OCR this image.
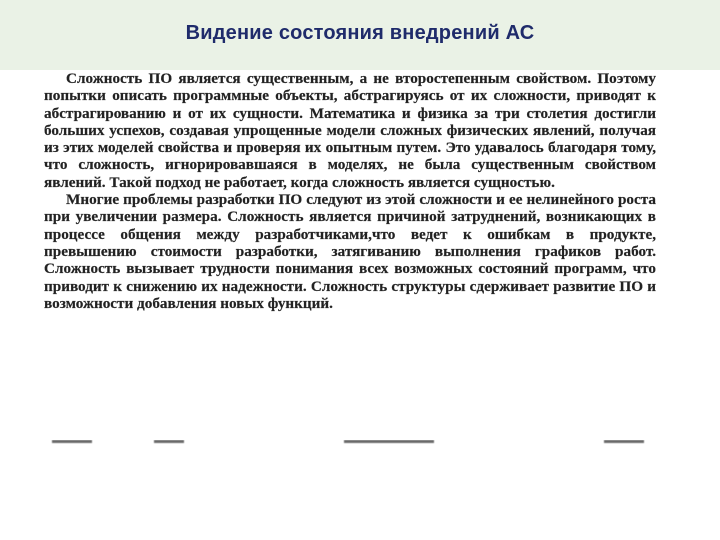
Видение состояния внедрений АС

Сложность ПО является существенным, а не второстепенным свойством. Поэтому попытки описать программные объекты, абстрагируясь от их сложности, приводят к абстрагированию и от их сущности. Математика и физика за три столетия достигли больших успехов, создавая упрощенные модели сложных физических явлений, получая из этих моделей свойства и проверяя их опытным путем. Это удавалось благодаря тому, что сложность, игнорировавшаяся в моделях, не была существенным свойством явлений. Такой подход не работает, когда сложность является сущностью.

Многие проблемы разработки ПО следуют из этой сложности и ее нелинейного роста при увеличении размера. Сложность является причиной затруднений, возникающих в процессе общения между разработчиками,что ведет к ошибкам в продукте, превышению стоимости разработки, затягиванию выполнения графиков работ. Сложность вызывает трудности понимания всех возможных состояний программ, что приводит к снижению их надежности. Сложность структуры сдерживает развитие ПО и возможности добавления новых функций.
